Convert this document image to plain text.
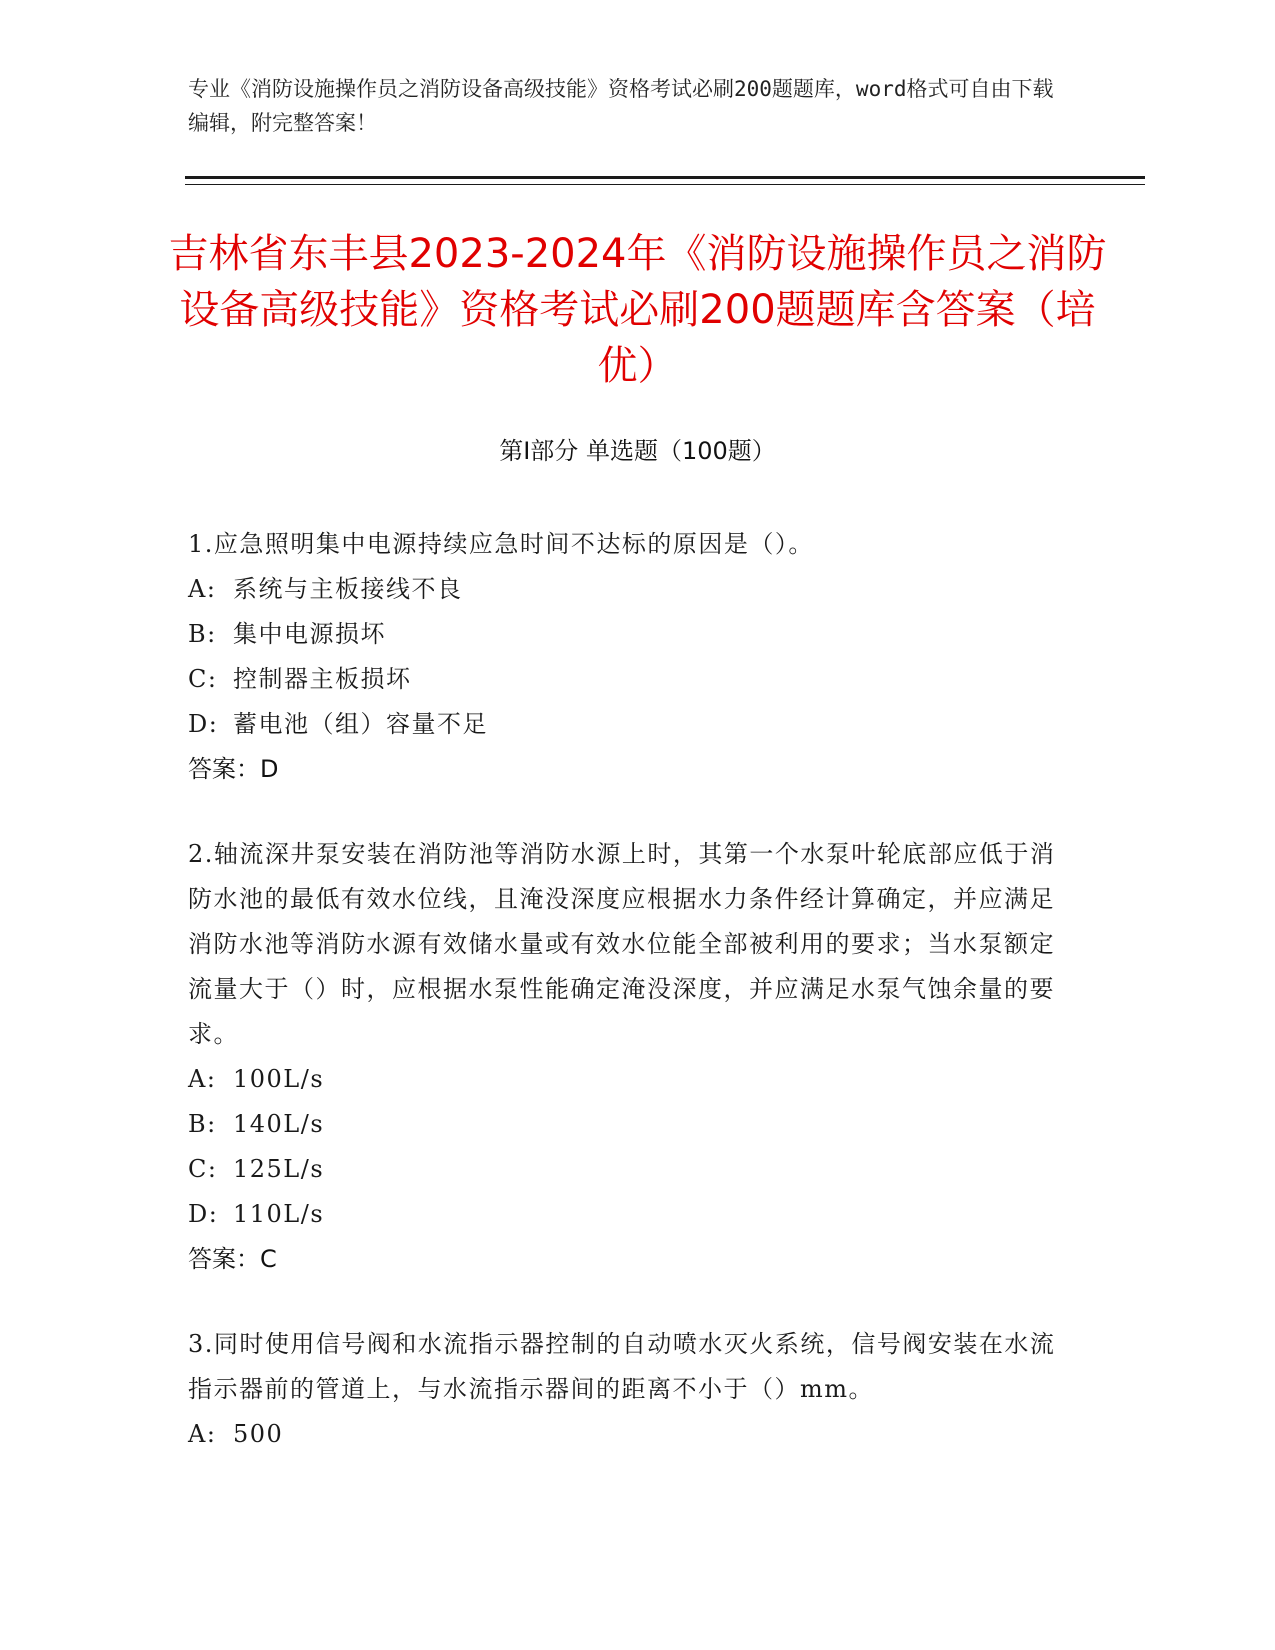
专业《消防设施操作员之消防设备高级技能》资格考试必刷200题题库，word格式可自由下载编辑，附完整答案！
吉林省东丰县2023-2024年《消防设施操作员之消防设备高级技能》资格考试必刷200题题库含答案（培优）
第Ⅰ部分 单选题（100题）
1.应急照明集中电源持续应急时间不达标的原因是（）。
A: 系统与主板接线不良
B: 集中电源损坏
C: 控制器主板损坏
D: 蓄电池（组）容量不足
答案：D
2.轴流深井泵安装在消防池等消防水源上时，其第一个水泵叶轮底部应低于消防水池的最低有效水位线，且淹没深度应根据水力条件经计算确定，并应满足消防水池等消防水源有效储水量或有效水位能全部被利用的要求；当水泵额定流量大于（）时，应根据水泵性能确定淹没深度，并应满足水泵气蚀余量的要求。
A: 100L/s
B: 140L/s
C: 125L/s
D: 110L/s
答案：C
3.同时使用信号阀和水流指示器控制的自动喷水灭火系统，信号阀安装在水流指示器前的管道上，与水流指示器间的距离不小于（）mm。
A: 500
